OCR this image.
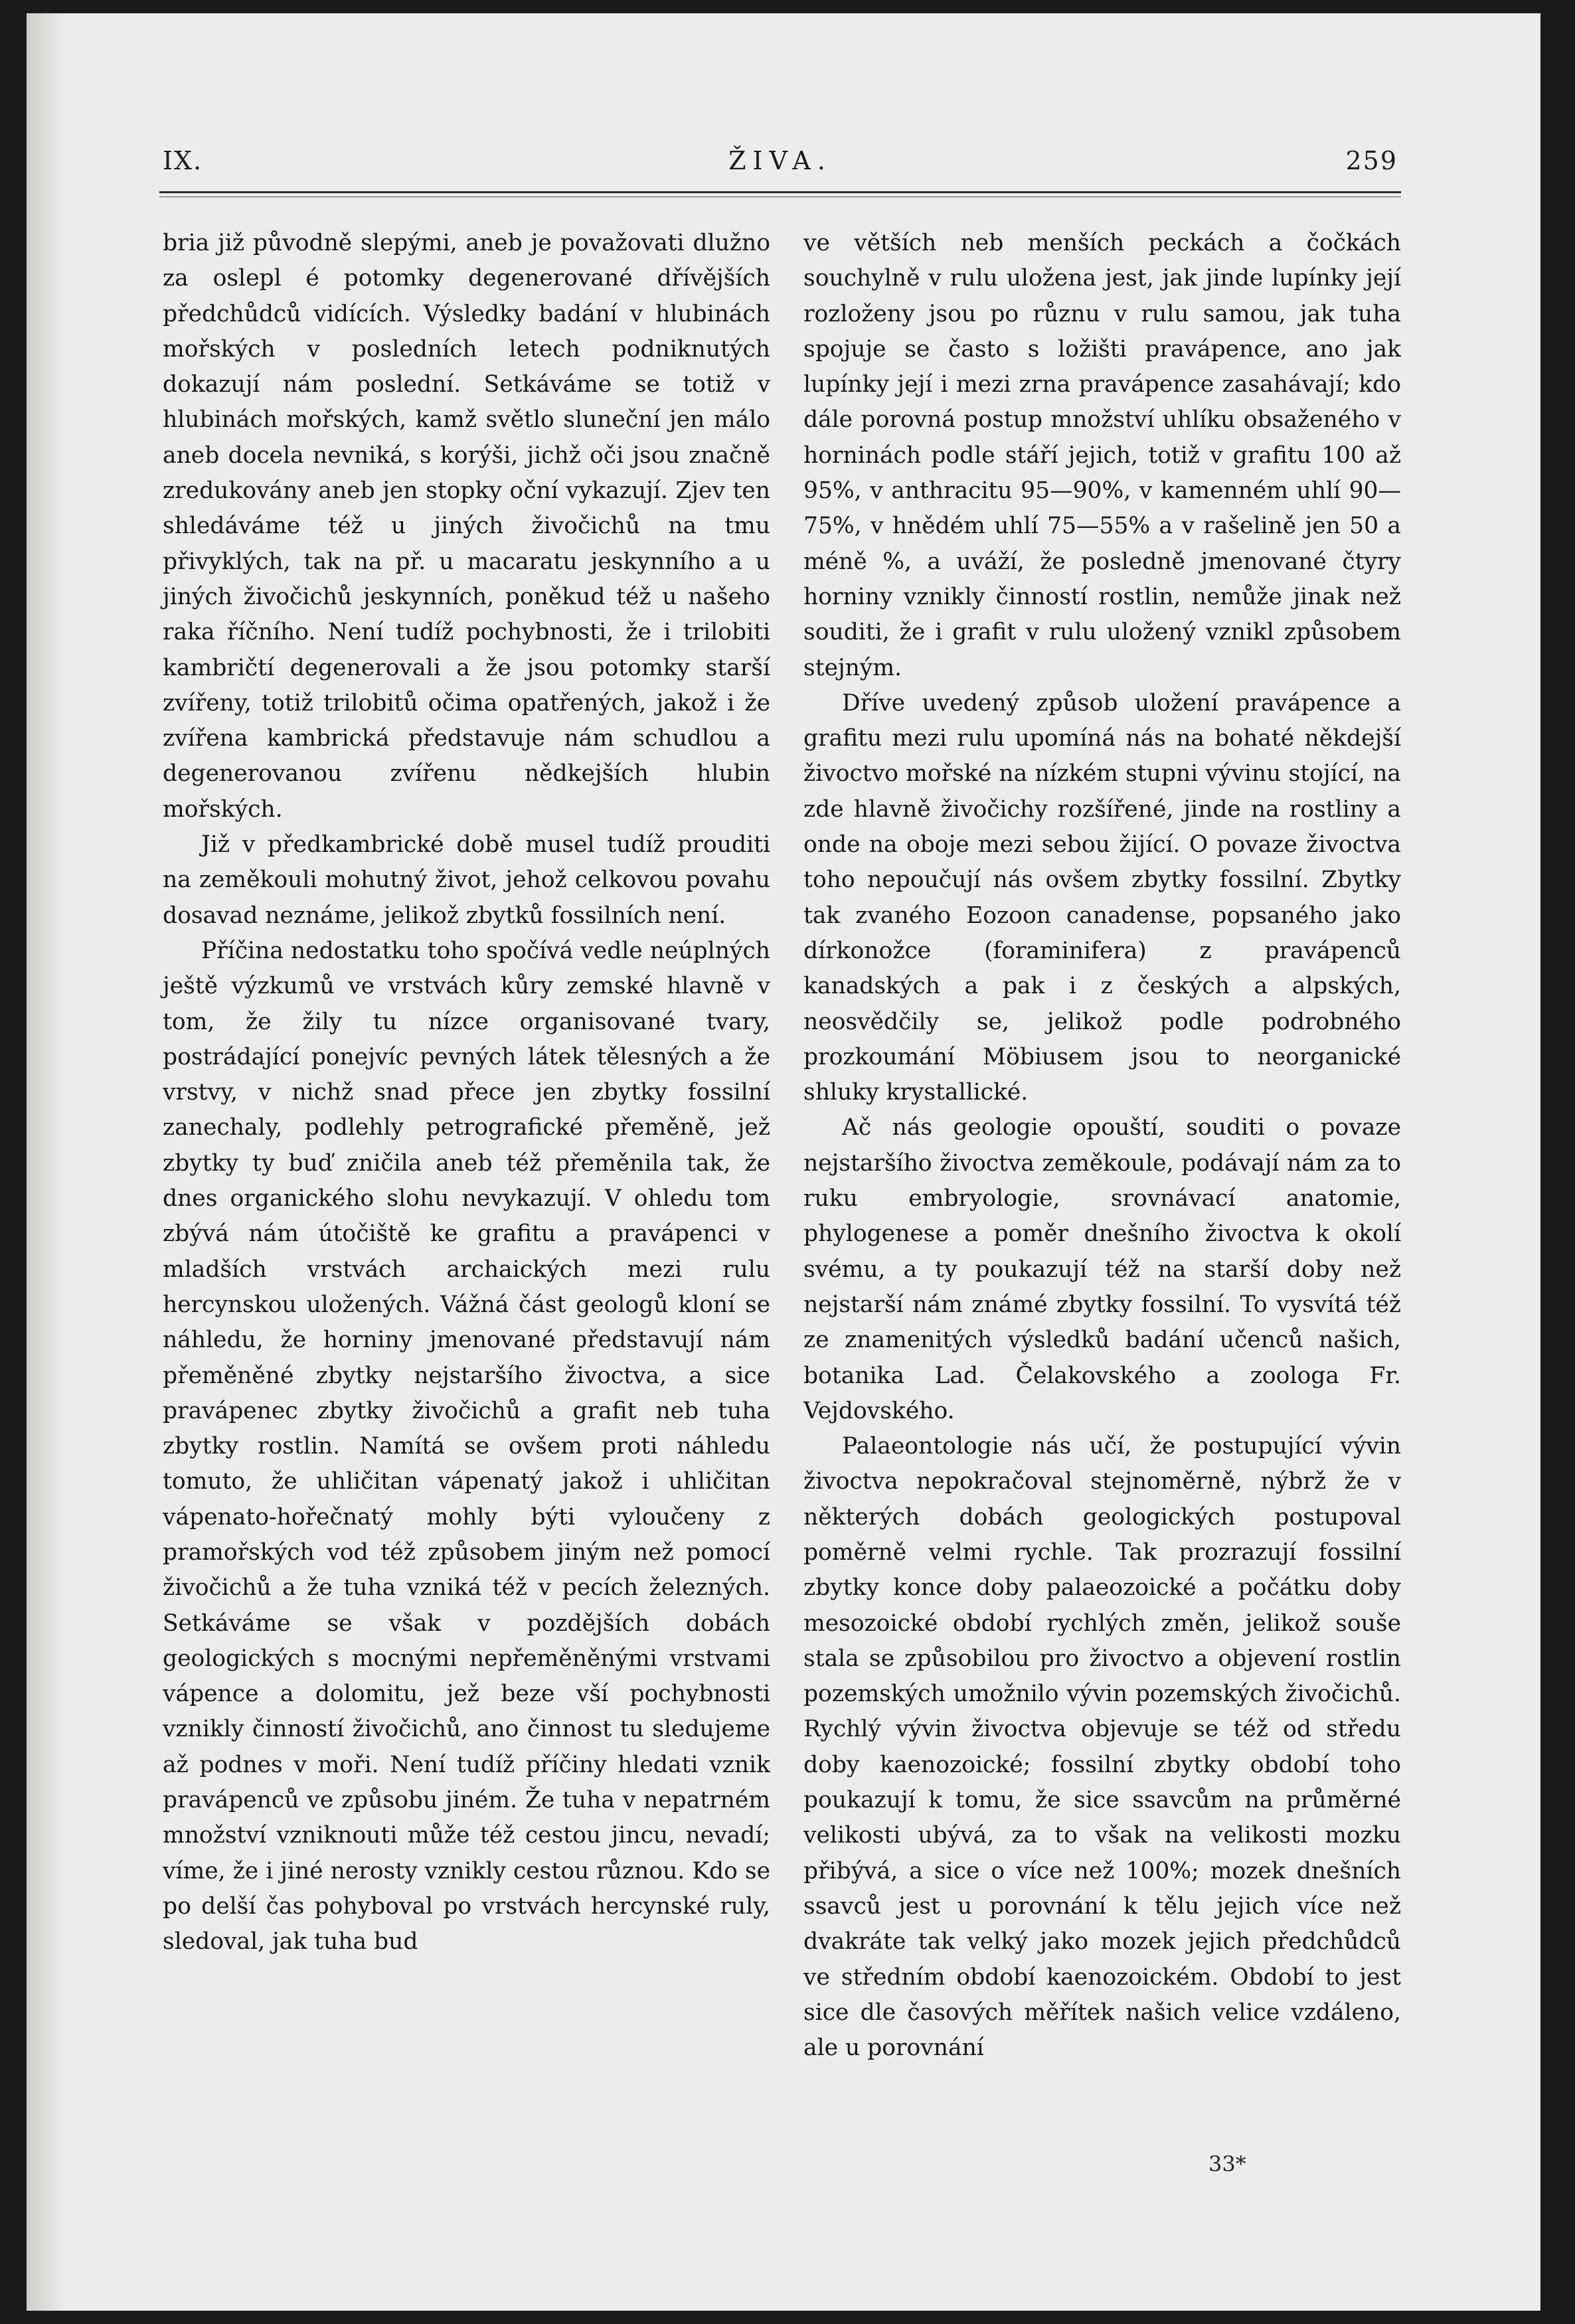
IX.	ŽIVA.	259

bria již původně slepými, aneb je považovati dlužno za oslepl é potomky degenerované dřívějších předchůdců vidících. Výsledky badání v hlubinách mořských v posledních letech podniknutých dokazují nám poslední. Setkáváme se totiž v hlubinách mořských, kamž světlo sluneční jen málo aneb docela nevniká, s korýši, jichž oči jsou značně zredukovány aneb jen stopky oční vykazují. Zjev ten shledáváme též u jiných živočichů na tmu přivyklých, tak na př. u macaratu jeskynního a u jiných živočichů jeskynních, poněkud též u našeho raka říčního. Není tudíž pochybnosti, že i trilobiti kambričtí degenerovali a že jsou potomky starší zvířeny, totiž trilobitů očima opatřených, jakož i že zvířena kambrická představuje nám schudlou a degenerovanou zvířenu nědkejších hlubin mořských.

Již v předkambrické době musel tudíž prouditi na zeměkouli mohutný život, jehož celkovou povahu dosavad neznáme, jelikož zbytků fossilních není.

Příčina nedostatku toho spočívá vedle neúplných ještě výzkumů ve vrstvách kůry zemské hlavně v tom, že žily tu nízce organisované tvary, postrádající ponejvíc pevných látek tělesných a že vrstvy, v nichž snad přece jen zbytky fossilní zanechaly, podlehly petrografické přeměně, jež zbytky ty buď zničila aneb též přeměnila tak, že dnes organického slohu nevykazují. V ohledu tom zbývá nám útočiště ke grafitu a pravápenci v mladších vrstvách archaických mezi rulu hercynskou uložených. Vážná část geologů kloní se náhledu, že horniny jmenované představují nám přeměněné zbytky nejstaršího živoctva, a sice pravápenec zbytky živočichů a grafit neb tuha zbytky rostlin. Namítá se ovšem proti náhledu tomuto, že uhličitan vápenatý jakož i uhličitan vápenato-hořečnatý mohly býti vyloučeny z pramořských vod též způsobem jiným než pomocí živočichů a že tuha vzniká též v pecích železných. Setkáváme se však v pozdějších dobách geologických s mocnými nepřeměněnými vrstvami vápence a dolomitu, jež beze vší pochybnosti vznikly činností živočichů, ano činnost tu sledujeme až podnes v moři. Není tudíž příčiny hledati vznik pravápenců ve způsobu jiném. Že tuha v nepatrném množství vzniknouti může též cestou jincu, nevadí; víme, že i jiné nerosty vznikly cestou různou. Kdo se po delší čas pohyboval po vrstvách hercynské ruly, sledoval, jak tuha bud

ve větších neb menších peckách a čočkách souchylně v rulu uložena jest, jak jinde lupínky její rozloženy jsou po různu v rulu samou, jak tuha spojuje se často s ložišti pravápence, ano jak lupínky její i mezi zrna pravápence zasahávají; kdo dále porovná postup množství uhlíku obsaženého v horninách podle stáří jejich, totiž v grafitu 100 až 95%, v anthracitu 95—90%, v kamenném uhlí 90—75%, v hnědém uhlí 75—55% a v rašelině jen 50 a méně %, a uváží, že posledně jmenované čtyry horniny vznikly činností rostlin, nemůže jinak než souditi, že i grafit v rulu uložený vznikl způsobem stejným.

Dříve uvedený způsob uložení pravápence a grafitu mezi rulu upomíná nás na bohaté někdejší živoctvo mořské na nízkém stupni vývinu stojící, na zde hlavně živočichy rozšířené, jinde na rostliny a onde na oboje mezi sebou žijící. O povaze živoctva toho nepoučují nás ovšem zbytky fossilní. Zbytky tak zvaného Eozoon canadense, popsaného jako dírkonožce (foraminifera) z pravápenců kanadských a pak i z českých a alpských, neosvědčily se, jelikož podle podrobného prozkoumání Möbiusem jsou to neorganické shluky krystallické.

Ač nás geologie opouští, souditi o povaze nejstaršího živoctva zeměkoule, podávají nám za to ruku embryologie, srovnávací anatomie, phylogenese a poměr dnešního živoctva k okolí svému, a ty poukazují též na starší doby než nejstarší nám známé zbytky fossilní. To vysvítá též ze znamenitých výsledků badání učenců našich, botanika Lad. Čelakovského a zoologa Fr. Vejdovského.

Palaeontologie nás učí, že postupující vývin živoctva nepokračoval stejnoměrně, nýbrž že v některých dobách geologických postupoval poměrně velmi rychle. Tak prozrazují fossilní zbytky konce doby palaeozoické a počátku doby mesozoické období rychlých změn, jelikož souše stala se způsobilou pro živoctvo a objevení rostlin pozemských umožnilo vývin pozemských živočichů. Rychlý vývin živoctva objevuje se též od středu doby kaenozoické; fossilní zbytky období toho poukazují k tomu, že sice ssavcům na průměrné velikosti ubývá, za to však na velikosti mozku přibývá, a sice o více než 100%; mozek dnešních ssavců jest u porovnání k tělu jejich více než dvakráte tak velký jako mozek jejich předchůdců ve středním období kaenozoickém. Období to jest sice dle časových měřítek našich velice vzdáleno, ale u porovnání

33*
